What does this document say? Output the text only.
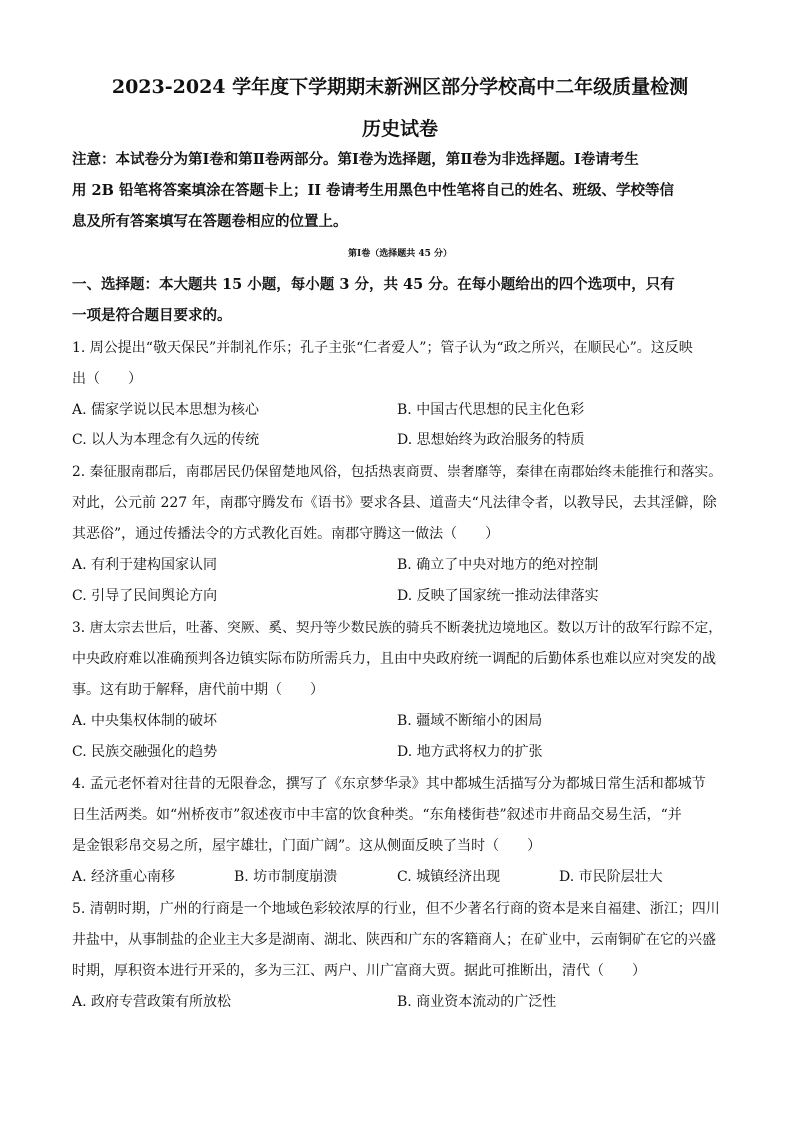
2023-2024 学年度下学期期末新洲区部分学校高中二年级质量检测
历史试卷
注意：本试卷分为第Ⅰ卷和第Ⅱ卷两部分。第Ⅰ卷为选择题，第Ⅱ卷为非选择题。Ⅰ卷请考生
用 2B 铅笔将答案填涂在答题卡上；II 卷请考生用黑色中性笔将自己的姓名、班级、学校等信
息及所有答案填写在答题卷相应的位置上。
第Ⅰ卷（选择题共 45 分）
一、选择题：本大题共 15 小题，每小题 3 分，共 45 分。在每小题给出的四个选项中，只有
一项是符合题目要求的。
1. 周公提出“敬天保民”并制礼作乐；孔子主张“仁者爱人”；管子认为“政之所兴，在顺民心”。这反映
出（　　）
A. 儒家学说以民本思想为核心	B. 中国古代思想的民主化色彩
C. 以人为本理念有久远的传统	D. 思想始终为政治服务的特质
2. 秦征服南郡后，南郡居民仍保留楚地风俗，包括热衷商贾、崇奢靡等，秦律在南郡始终未能推行和落实。
对此，公元前 227 年，南郡守腾发布《语书》要求各县、道啬夫“凡法律令者，以教导民，去其淫僻，除
其恶俗”，通过传播法令的方式教化百姓。南郡守腾这一做法（　　）
A. 有利于建构国家认同	B. 确立了中央对地方的绝对控制
C. 引导了民间舆论方向	D. 反映了国家统一推动法律落实
3. 唐太宗去世后，吐蕃、突厥、奚、契丹等少数民族的骑兵不断袭扰边境地区。数以万计的敌军行踪不定，
中央政府难以准确预判各边镇实际布防所需兵力，且由中央政府统一调配的后勤体系也难以应对突发的战
事。这有助于解释，唐代前中期（　　）
A. 中央集权体制的破坏	B. 疆域不断缩小的困局
C. 民族交融强化的趋势	D. 地方武将权力的扩张
4. 孟元老怀着对往昔的无限眷念，撰写了《东京梦华录》其中都城生活描写分为都城日常生活和都城节
日生活两类。如“州桥夜市”叙述夜市中丰富的饮食种类。“东角楼街巷”叙述市井商品交易生活，“并
是金银彩帛交易之所，屋宇雄壮，门面广阔”。这从侧面反映了当时（　　）
A. 经济重心南移	B. 坊市制度崩溃	C. 城镇经济出现	D. 市民阶层壮大
5. 清朝时期，广州的行商是一个地域色彩较浓厚的行业，但不少著名行商的资本是来自福建、浙江；四川
井盐中，从事制盐的企业主大多是湖南、湖北、陕西和广东的客籍商人；在矿业中，云南铜矿在它的兴盛
时期，厚积资本进行开采的，多为三江、两户、川广富商大贾。据此可推断出，清代（　　）
A. 政府专营政策有所放松	B. 商业资本流动的广泛性
